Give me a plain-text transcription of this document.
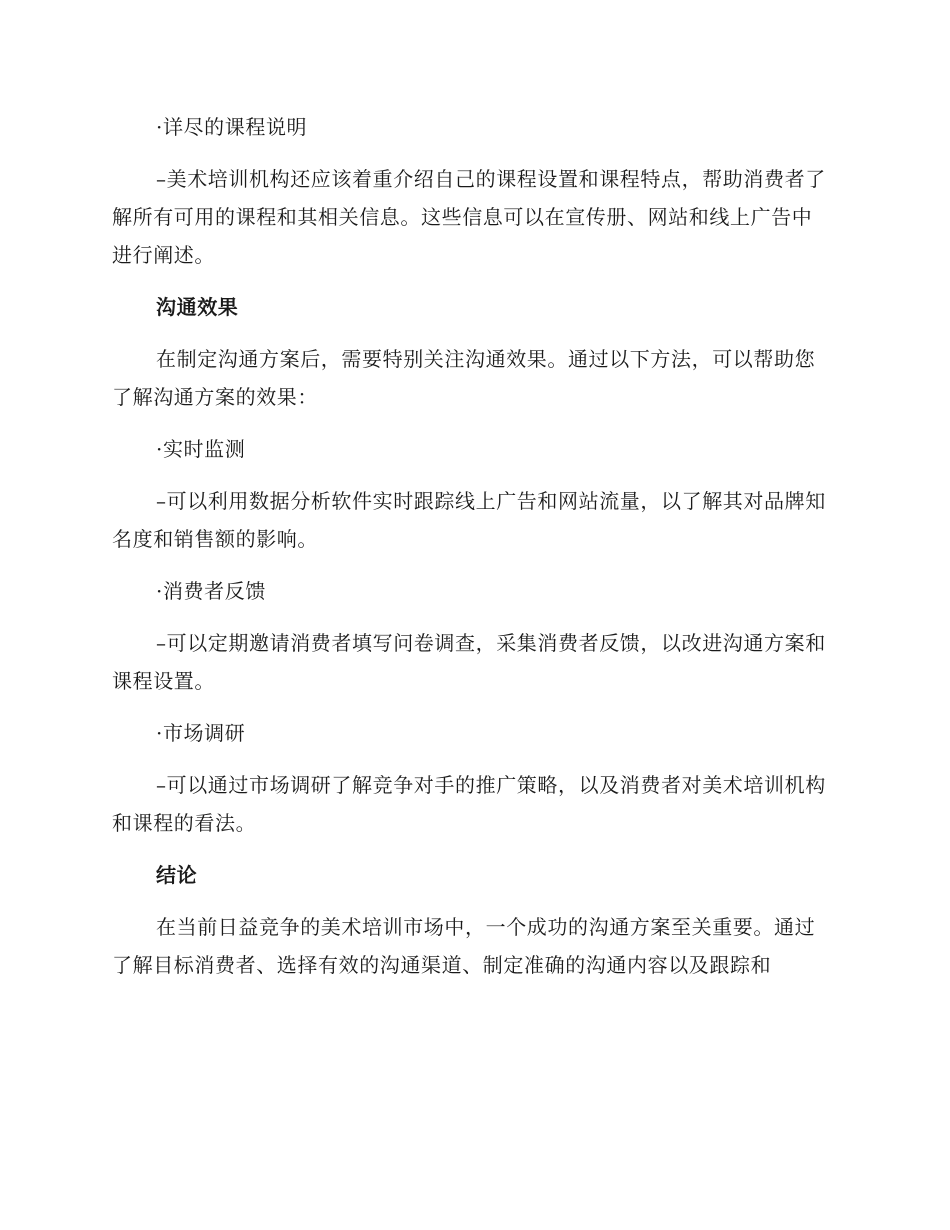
·详尽的课程说明

–美术培训机构还应该着重介绍自己的课程设置和课程特点，帮助消费者了解所有可用的课程和其相关信息。这些信息可以在宣传册、网站和线上广告中进行阐述。

沟通效果

在制定沟通方案后，需要特别关注沟通效果。通过以下方法，可以帮助您了解沟通方案的效果：

·实时监测

–可以利用数据分析软件实时跟踪线上广告和网站流量，以了解其对品牌知名度和销售额的影响。

·消费者反馈

–可以定期邀请消费者填写问卷调查，采集消费者反馈，以改进沟通方案和课程设置。

·市场调研

–可以通过市场调研了解竞争对手的推广策略，以及消费者对美术培训机构和课程的看法。

结论

在当前日益竞争的美术培训市场中，一个成功的沟通方案至关重要。通过了解目标消费者、选择有效的沟通渠道、制定准确的沟通内容以及跟踪和
